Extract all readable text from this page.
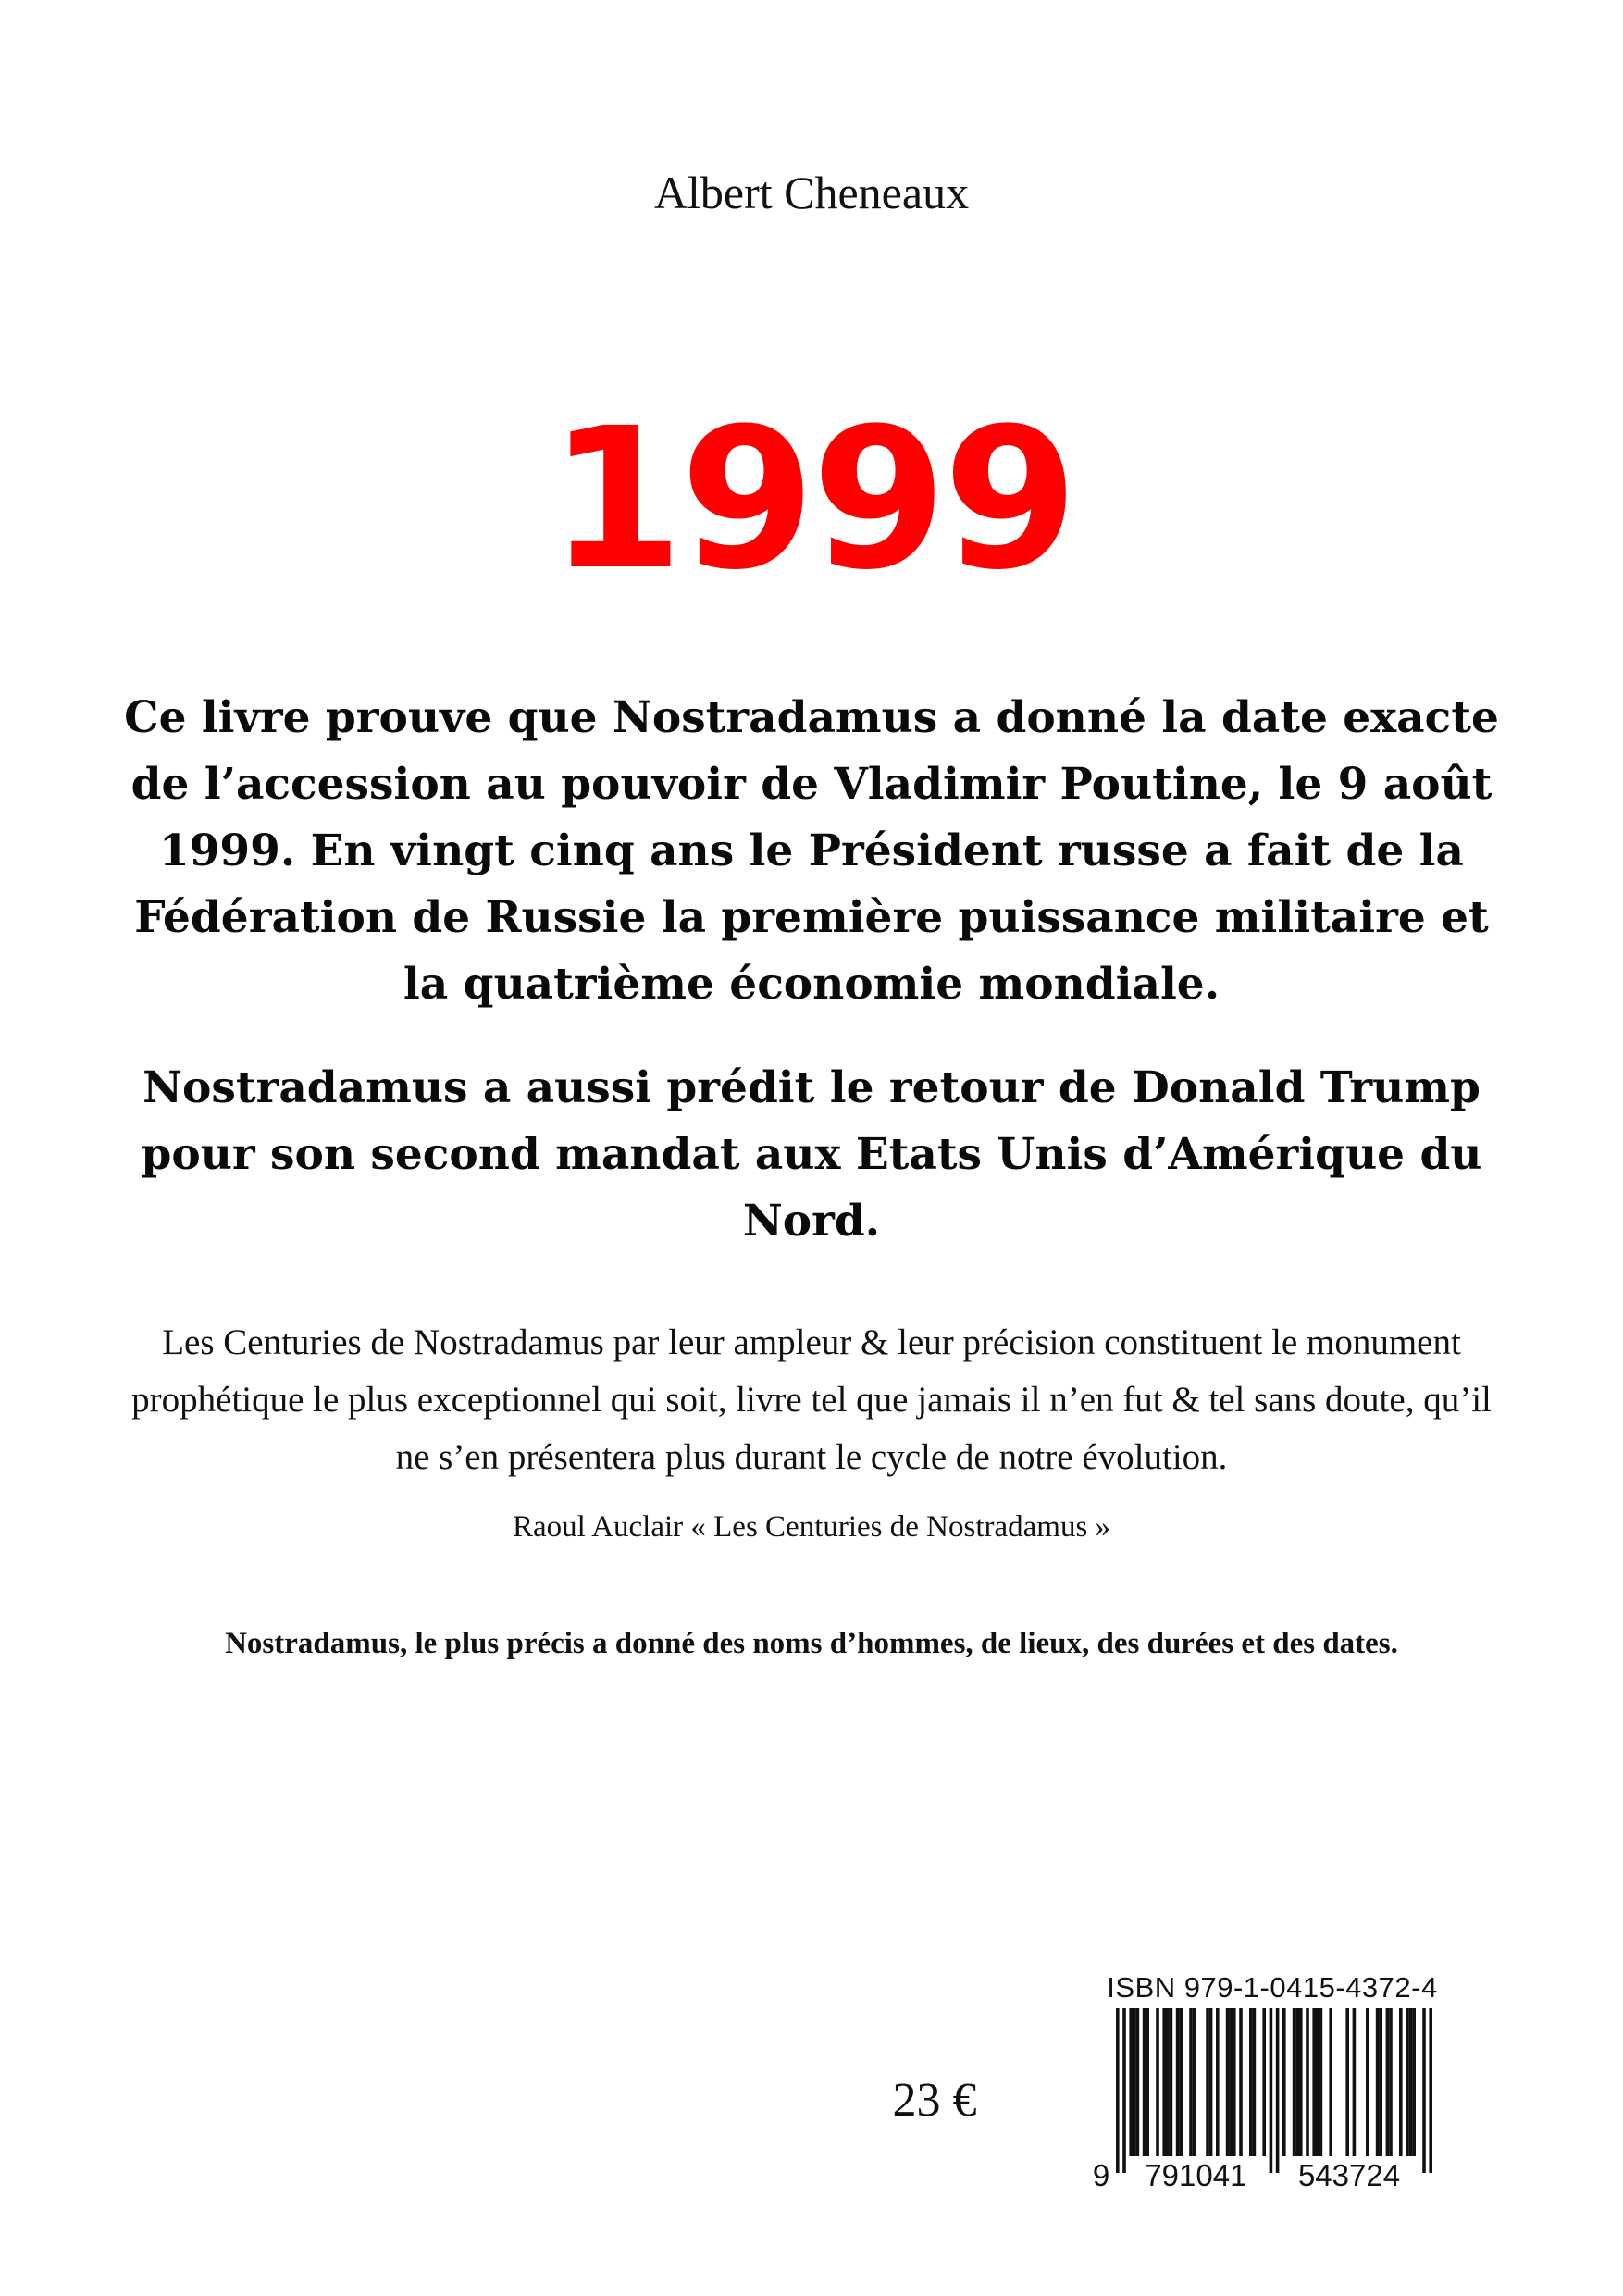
Albert Cheneaux
1999

Ce livre prouve que Nostradamus a donné la date exacte de l’accession au pouvoir de Vladimir Poutine, le 9 août 1999. En vingt cinq ans le Président russe a fait de la Fédération de Russie la première puissance militaire et la quatrième économie mondiale.

Nostradamus a aussi prédit le retour de Donald Trump pour son second mandat aux Etats Unis d’Amérique du Nord.

Les Centuries de Nostradamus par leur ampleur & leur précision constituent le monument prophétique le plus exceptionnel qui soit, livre tel que jamais il n’en fut & tel sans doute, qu’il ne s’en présentera plus durant le cycle de notre évolution.

Raoul Auclair « Les Centuries de Nostradamus »
Nostradamus, le plus précis a donné des noms d’hommes, de lieux, des durées et des dates.
23 €
ISBN 979-1-0415-4372-4
9 791041 543724
